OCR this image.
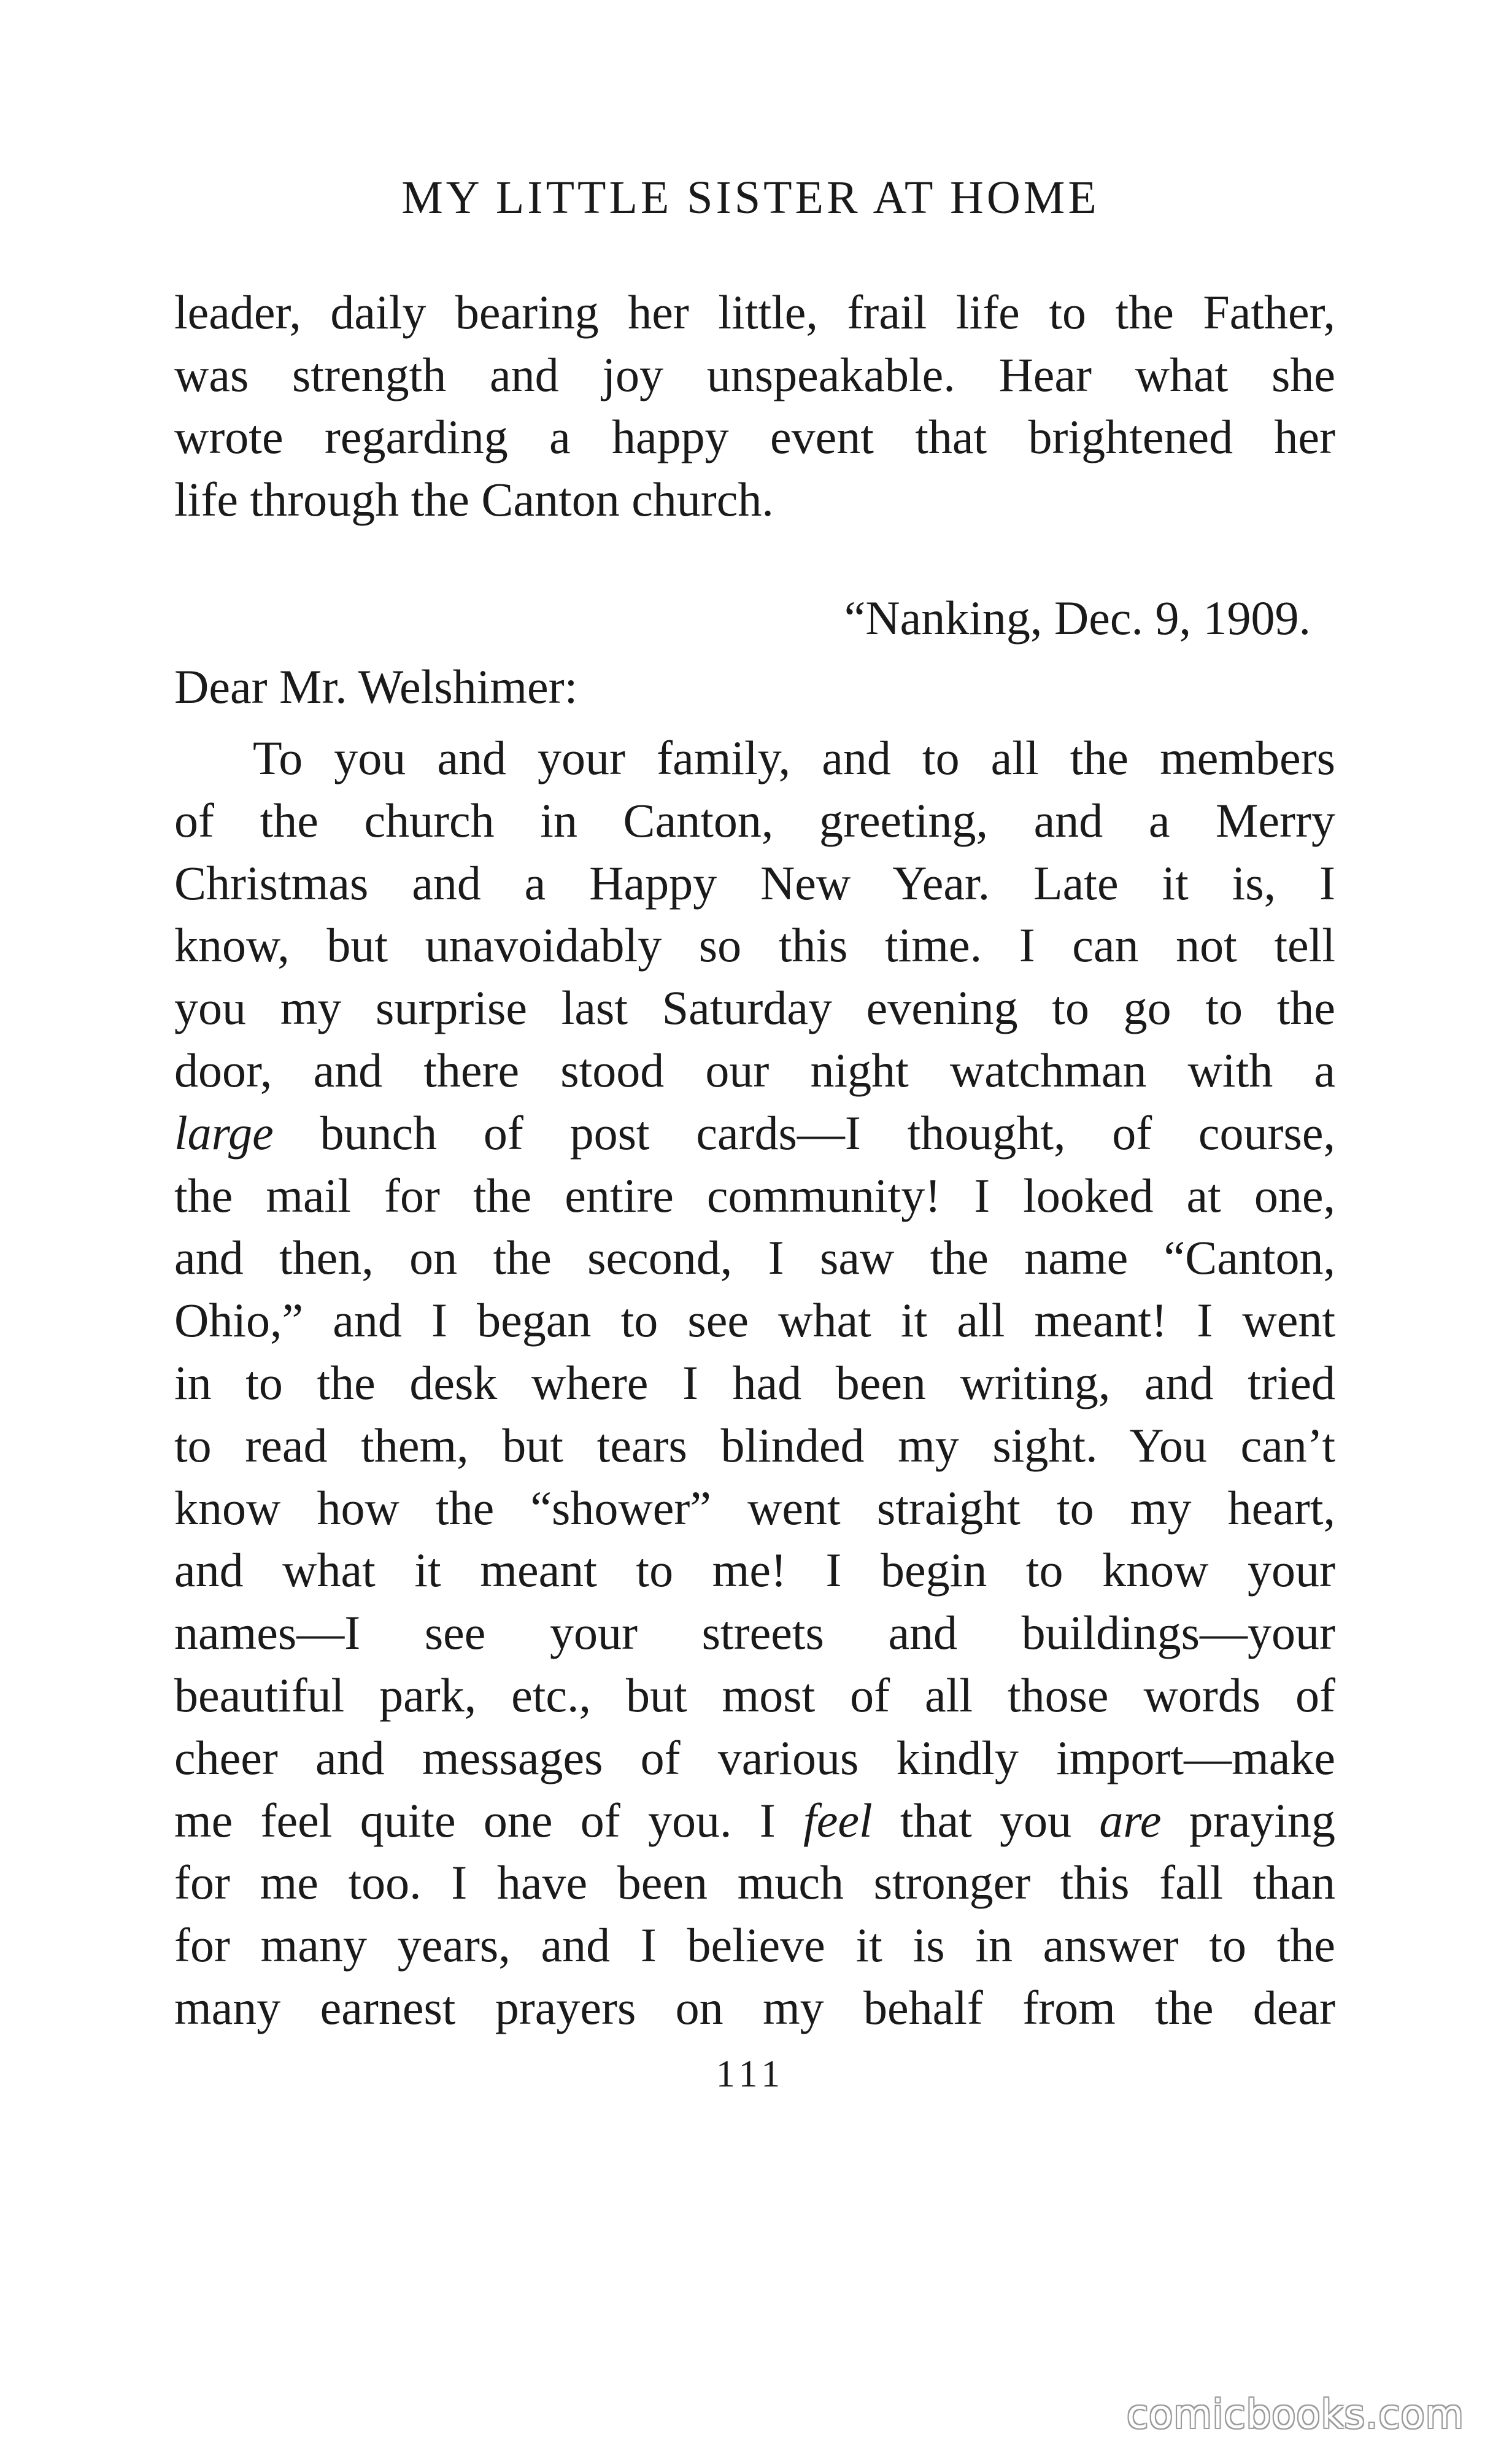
MY LITTLE SISTER AT HOME
leader, daily bearing her little, frail life to the Father,
was strength and joy unspeakable. Hear what she
wrote regarding a happy event that brightened her
life through the Canton church.
“Nanking, Dec. 9, 1909.
Dear Mr. Welshimer:
To you and your family, and to all the members
of the church in Canton, greeting, and a Merry
Christmas and a Happy New Year. Late it is, I
know, but unavoidably so this time. I can not tell
you my surprise last Saturday evening to go to the
door, and there stood our night watchman with a
large bunch of post cards—I thought, of course,
the mail for the entire community! I looked at one,
and then, on the second, I saw the name “Canton,
Ohio,” and I began to see what it all meant! I went
in to the desk where I had been writing, and tried
to read them, but tears blinded my sight. You can’t
know how the “shower” went straight to my heart,
and what it meant to me! I begin to know your
names—I see your streets and buildings—your
beautiful park, etc., but most of all those words of
cheer and messages of various kindly import—make
me feel quite one of you. I feel that you are praying
for me too. I have been much stronger this fall than
for many years, and I believe it is in answer to the
many earnest prayers on my behalf from the dear
111
comicbooks.com
